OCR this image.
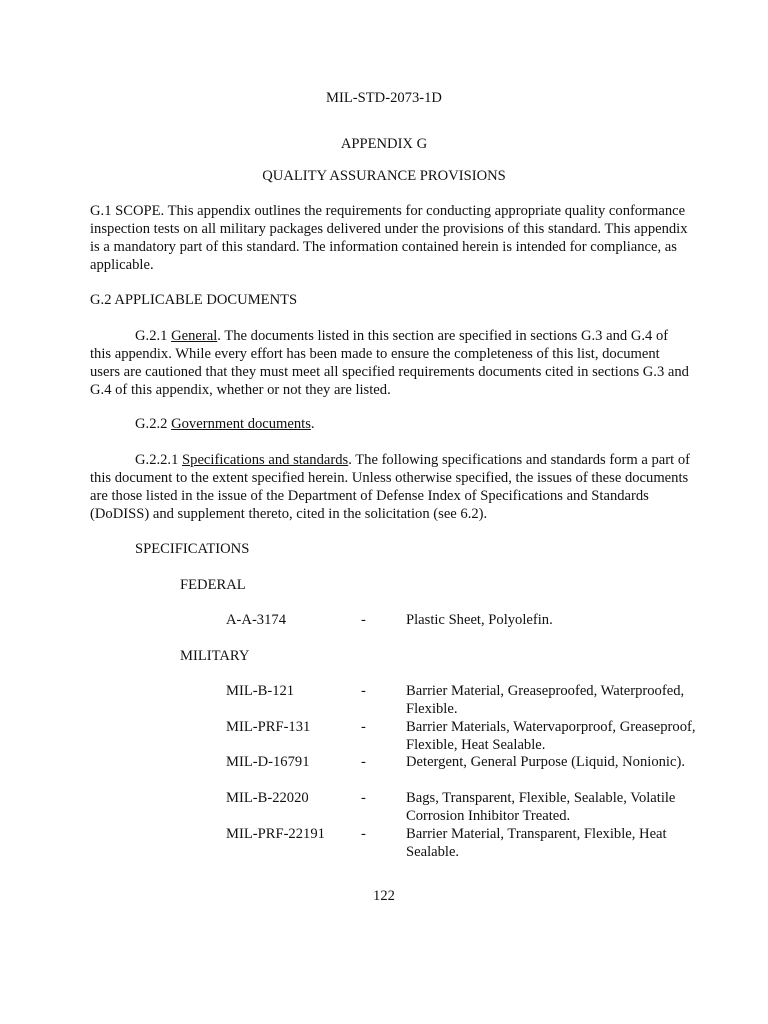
MIL-STD-2073-1D
APPENDIX G
QUALITY ASSURANCE PROVISIONS

G.1 SCOPE. This appendix outlines the requirements for conducting appropriate quality conformance inspection tests on all military packages delivered under the provisions of this standard. This appendix is a mandatory part of this standard. The information contained herein is intended for compliance, as applicable.

G.2 APPLICABLE DOCUMENTS

G.2.1 General. The documents listed in this section are specified in sections G.3 and G.4 of this appendix. While every effort has been made to ensure the completeness of this list, document users are cautioned that they must meet all specified requirements documents cited in sections G.3 and G.4 of this appendix, whether or not they are listed.

G.2.2 Government documents.

G.2.2.1 Specifications and standards. The following specifications and standards form a part of this document to the extent specified herein. Unless otherwise specified, the issues of these documents are those listed in the issue of the Department of Defense Index of Specifications and Standards (DoDISS) and supplement thereto, cited in the solicitation (see 6.2).

SPECIFICATIONS

FEDERAL

A-A-3174	-	Plastic Sheet, Polyolefin.

MILITARY

MIL-B-121	-	Barrier Material, Greaseproofed, Waterproofed, Flexible.
MIL-PRF-131	-	Barrier Materials, Watervaporproof, Greaseproof, Flexible, Heat Sealable.
MIL-D-16791	-	Detergent, General Purpose (Liquid, Nonionic).
MIL-B-22020	-	Bags, Transparent, Flexible, Sealable, Volatile Corrosion Inhibitor Treated.
MIL-PRF-22191 -	Barrier Material, Transparent, Flexible, Heat Sealable.
122
